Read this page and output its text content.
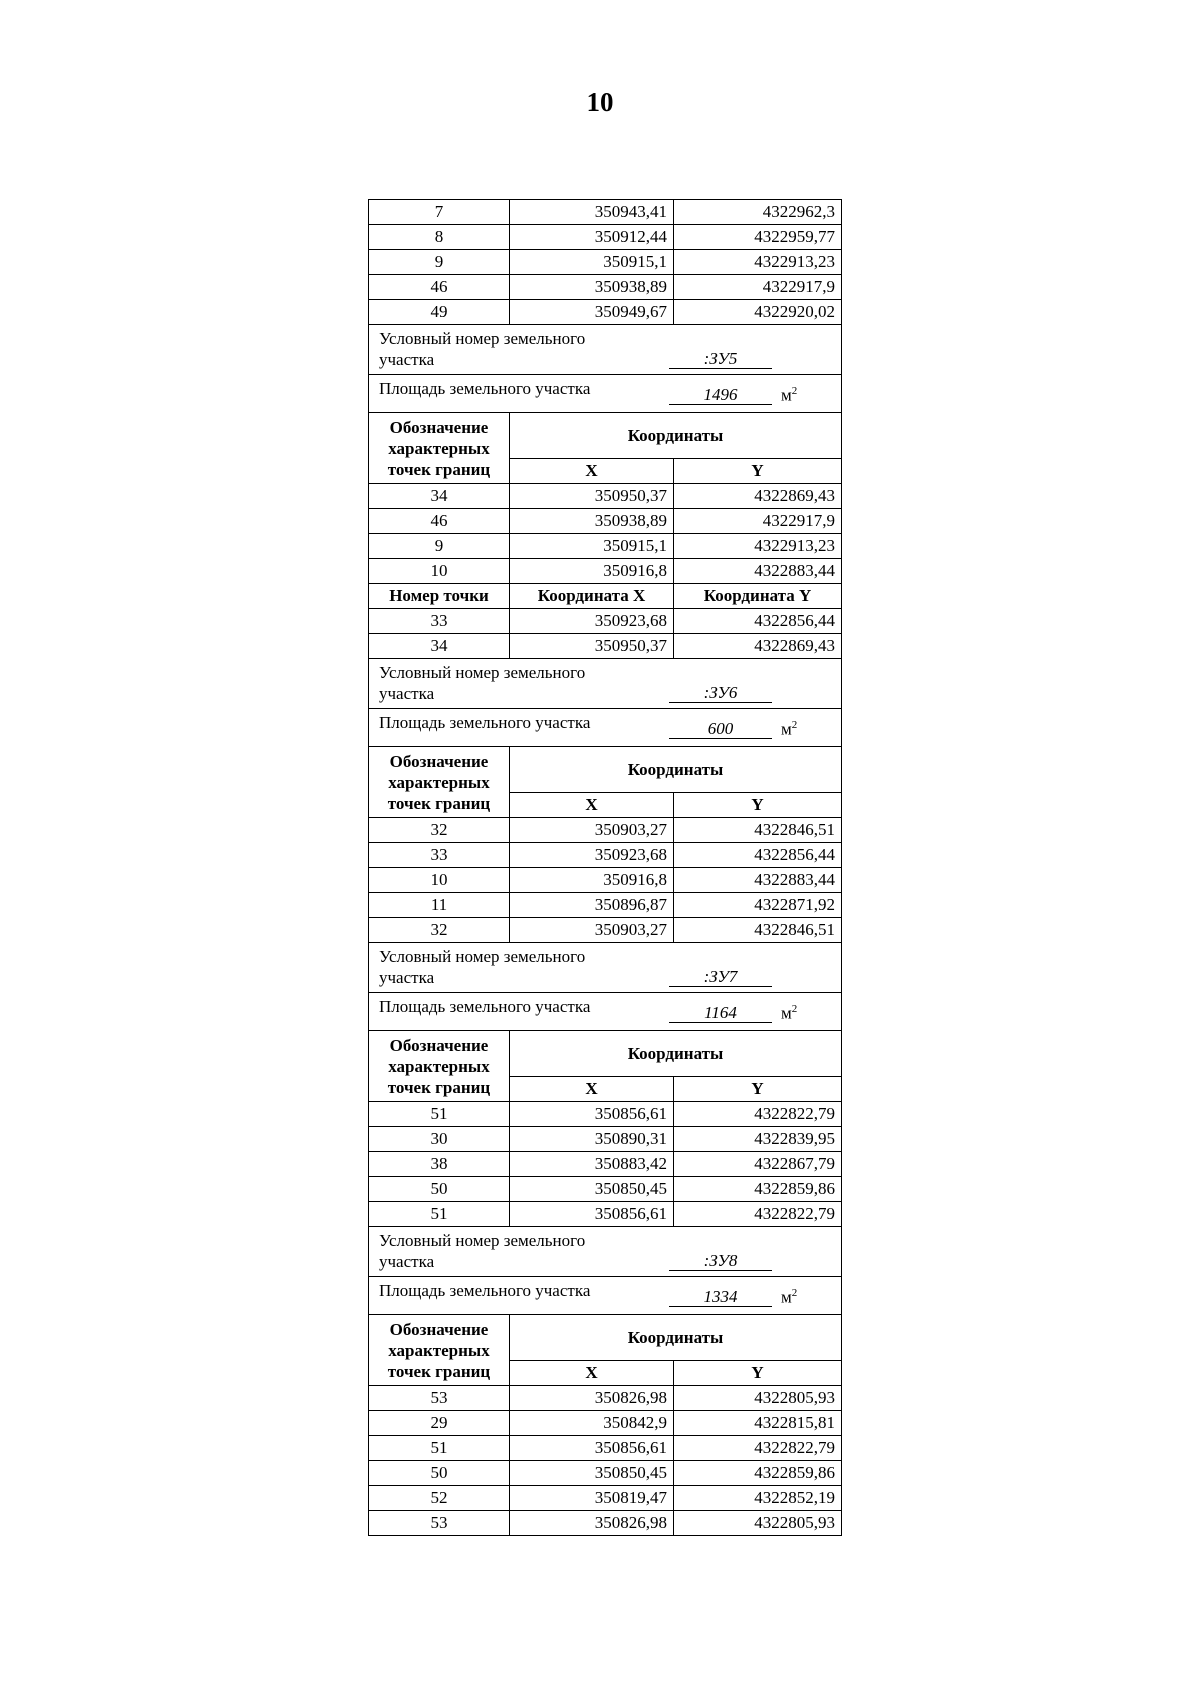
10
7	350943,41	4322962,3
8	350912,44	4322959,77
9	350915,1	4322913,23
46	350938,89	4322917,9
49	350949,67	4322920,02

Условный номер земельного участка :ЗУ5		

Площадь земельного участка 1496 $м^2$

Обозначение характерных точек границ	Координаты	
	X	Y
34	350950,37	4322869,43
46	350938,89	4322917,9
9	350915,1	4322913,23
10	350916,8	4322883,44
Номер точки	Координата X	Координата Y
33	350923,68	4322856,44
34	350950,37	4322869,43

Условный номер земельного участка :ЗУ6		

Площадь земельного участка 600 $м^2$

Обозначение характерных точек границ	Координаты	
	X	Y
32	350903,27	4322846,51
33	350923,68	4322856,44
10	350916,8	4322883,44
11	350896,87	4322871,92
32	350903,27	4322846,51

Условный номер земельного участка :ЗУ7		

Площадь земельного участка 1164 $м^2$

Обозначение характерных точек границ	Координаты	
	X	Y
51	350856,61	4322822,79
30	350890,31	4322839,95
38	350883,42	4322867,79
50	350850,45	4322859,86
51	350856,61	4322822,79

Условный номер земельного участка :ЗУ8		

Площадь земельного участка 1334 $м^2$

Обозначение характерных точек границ	Координаты	
	X	Y
53	350826,98	4322805,93
29	350842,9	4322815,81
51	350856,61	4322822,79
50	350850,45	4322859,86
52	350819,47	4322852,19
53	350826,98	4322805,93
